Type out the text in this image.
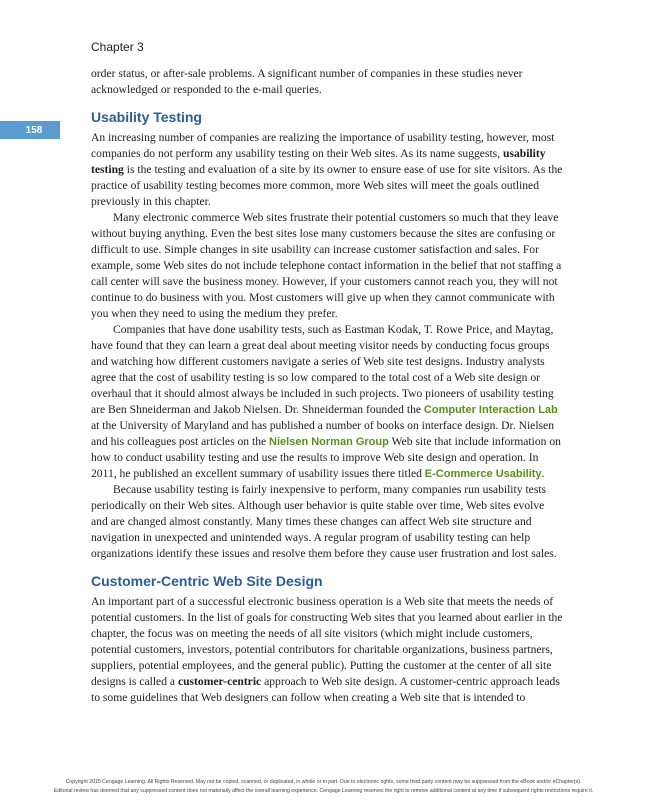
Chapter 3
158

order status, or after-sale problems. A significant number of companies in these studies never acknowledged or responded to the e-mail queries.

Usability Testing

An increasing number of companies are realizing the importance of usability testing, however, most companies do not perform any usability testing on their Web sites. As its name suggests, usability testing is the testing and evaluation of a site by its owner to ensure ease of use for site visitors. As the practice of usability testing becomes more common, more Web sites will meet the goals outlined previously in this chapter.

Many electronic commerce Web sites frustrate their potential customers so much that they leave without buying anything. Even the best sites lose many customers because the sites are confusing or difficult to use. Simple changes in site usability can increase customer satisfaction and sales. For example, some Web sites do not include telephone contact information in the belief that not staffing a call center will save the business money. However, if your customers cannot reach you, they will not continue to do business with you. Most customers will give up when they cannot communicate with you when they need to using the medium they prefer.

Companies that have done usability tests, such as Eastman Kodak, T. Rowe Price, and Maytag, have found that they can learn a great deal about meeting visitor needs by conducting focus groups and watching how different customers navigate a series of Web site test designs. Industry analysts agree that the cost of usability testing is so low compared to the total cost of a Web site design or overhaul that it should almost always be included in such projects. Two pioneers of usability testing are Ben Shneiderman and Jakob Nielsen. Dr. Shneiderman founded the Computer Interaction Lab at the University of Maryland and has published a number of books on interface design. Dr. Nielsen and his colleagues post articles on the Nielsen Norman Group Web site that include information on how to conduct usability testing and use the results to improve Web site design and operation. In 2011, he published an excellent summary of usability issues there titled E-Commerce Usability.

Because usability testing is fairly inexpensive to perform, many companies run usability tests periodically on their Web sites. Although user behavior is quite stable over time, Web sites evolve and are changed almost constantly. Many times these changes can affect Web site structure and navigation in unexpected and unintended ways. A regular program of usability testing can help organizations identify these issues and resolve them before they cause user frustration and lost sales.

Customer-Centric Web Site Design

An important part of a successful electronic business operation is a Web site that meets the needs of potential customers. In the list of goals for constructing Web sites that you learned about earlier in the chapter, the focus was on meeting the needs of all site visitors (which might include customers, potential customers, investors, potential contributors for charitable organizations, business partners, suppliers, potential employees, and the general public). Putting the customer at the center of all site designs is called a customer-centric approach to Web site design. A customer-centric approach leads to some guidelines that Web designers can follow when creating a Web site that is intended to

Copyright 2015 Cengage Learning. All Rights Reserved. May not be copied, scanned, or duplicated, in whole or in part. Due to electronic rights, some third party content may be suppressed from the eBook and/or eChapter(s).
Editorial review has deemed that any suppressed content does not materially affect the overall learning experience. Cengage Learning reserves the right to remove additional content at any time if subsequent rights restrictions require it.
